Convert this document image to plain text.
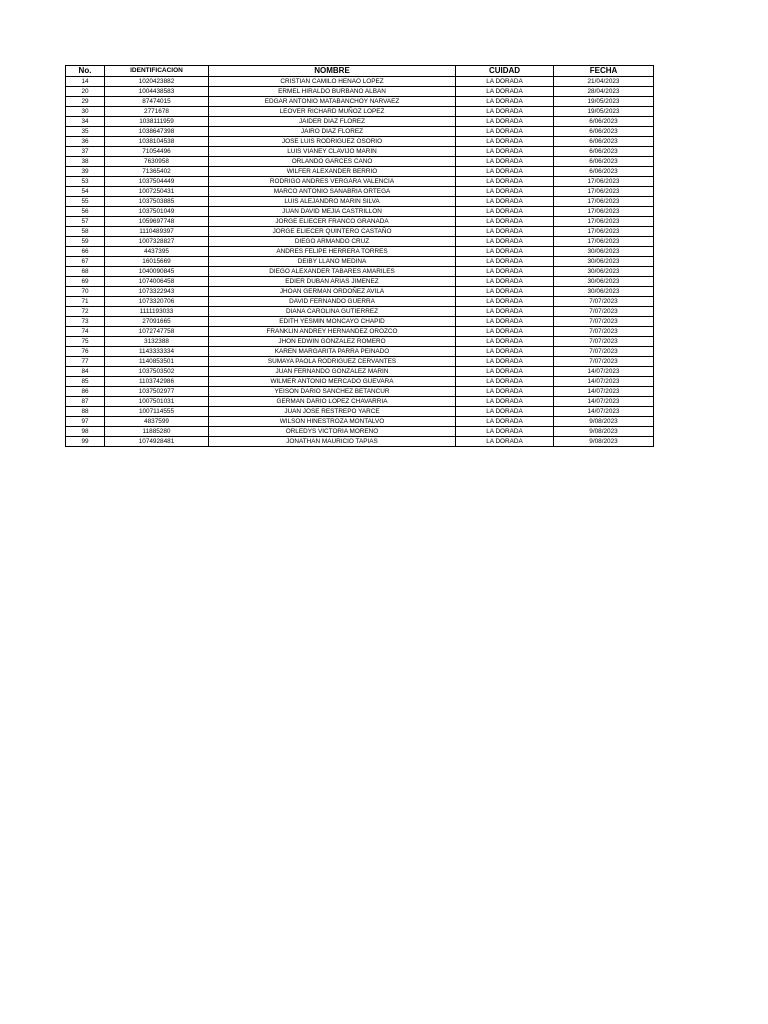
No.	IDENTIFICACION	NOMBRE	CUIDAD	FECHA
14	1020423882	CRISTIAN CAMILO HENAO LOPEZ	LA DORADA	21/04/2023
20	1004438583	ERMEL HIRALDO BURBANO ALBAN	LA DORADA	28/04/2023
29	87474015	EDGAR ANTONIO MATABANCHOY NARVAEZ	LA DORADA	19/05/2023
30	2771678	LEOVER RICHARD MUÑOZ LOPEZ	LA DORADA	19/05/2023
34	1038111959	JAIDER DIAZ FLOREZ	LA DORADA	6/06/2023
35	1038647398	JAIRO DIAZ FLOREZ	LA DORADA	6/06/2023
36	1038104538	JOSE LUIS RODRIGUEZ OSORIO	LA DORADA	6/06/2023
37	71054496	LUIS VIANEY CLAVIJO MARIN	LA DORADA	6/06/2023
38	7630958	ORLANDO GARCES CANO	LA DORADA	6/06/2023
39	71365402	WILFER ALEXANDER BERRIO	LA DORADA	6/06/2023
53	1037504449	RODRIGO ANDRES VERGARA VALENCIA	LA DORADA	17/06/2023
54	1007250431	MARCO ANTONIO SANABRIA ORTEGA	LA DORADA	17/06/2023
55	1037503885	LUIS ALEJANDRO MARIN SILVA	LA DORADA	17/06/2023
56	1037501049	JUAN DAVID MEJIA CASTRILLON	LA DORADA	17/06/2023
57	1059697748	JORGE ELIECER FRANCO GRANADA	LA DORADA	17/06/2023
58	1110489397	JORGE ELIECER QUINTERO CASTAÑO	LA DORADA	17/06/2023
59	1007328827	DIEGO ARMANDO CRUZ	LA DORADA	17/06/2023
66	4437395	ANDRES FELIPE HERRERA TORRES	LA DORADA	30/06/2023
67	16015669	DEIBY LLANO MEDINA	LA DORADA	30/06/2023
68	1040090845	DIEGO ALEXANDER TABARES AMARILES	LA DORADA	30/06/2023
69	1074006458	EDIER DUBAN ARIAS JIMENEZ	LA DORADA	30/06/2023
70	1073322943	JHOAN GERMAN ORDOÑEZ AVILA	LA DORADA	30/06/2023
71	1073320706	DAVID FERNANDO GUERRA	LA DORADA	7/07/2023
72	1111193033	DIANA CAROLINA GUTIERREZ	LA DORADA	7/07/2023
73	27091665	EDITH YESMIN MONCAYO CHAPID	LA DORADA	7/07/2023
74	1072747758	FRANKLIN ANDREY HERNANDEZ OROZCO	LA DORADA	7/07/2023
75	3132388	JHON EDWIN GONZALEZ ROMERO	LA DORADA	7/07/2023
76	1143333334	KAREN MARGARITA PARRA PEINADO	LA DORADA	7/07/2023
77	1140853501	SUMAYA PAOLA RODRIGUEZ CERVANTES	LA DORADA	7/07/2023
84	1037503502	JUAN FERNANDO GONZALEZ MARIN	LA DORADA	14/07/2023
85	1103742986	WILMER ANTONIO MERCADO GUEVARA	LA DORADA	14/07/2023
86	1037502977	YEISON DARIO SANCHEZ BETANCUR	LA DORADA	14/07/2023
87	1007501031	GERMAN DARIO LOPEZ CHAVARRIA	LA DORADA	14/07/2023
88	1007114555	JUAN JOSE RESTREPO YARCE	LA DORADA	14/07/2023
97	4837599	WILSON HINESTROZA MONTALVO	LA DORADA	9/08/2023
98	11885280	ORLEDYS VICTORIA MORENO	LA DORADA	9/08/2023
99	1074928481	JONATHAN MAURICIO TAPIAS	LA DORADA	9/08/2023
